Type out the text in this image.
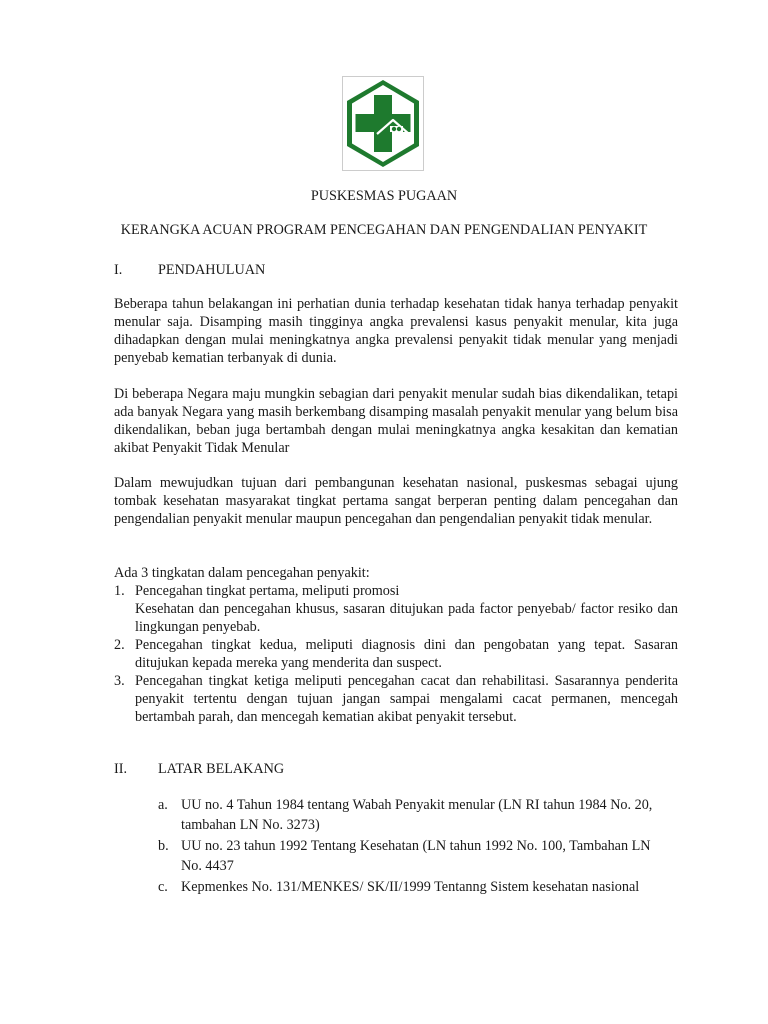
PUSKESMAS PUGAAN
KERANGKA ACUAN PROGRAM PENCEGAHAN DAN PENGENDALIAN PENYAKIT
I.	PENDAHULUAN
Beberapa tahun belakangan ini perhatian dunia terhadap kesehatan tidak hanya terhadap penyakit menular saja. Disamping masih tingginya angka prevalensi kasus penyakit menular, kita juga dihadapkan dengan mulai meningkatnya angka prevalensi penyakit tidak menular yang menjadi penyebab kematian terbanyak di dunia.
Di beberapa Negara maju mungkin sebagian dari penyakit menular sudah bias dikendalikan, tetapi ada banyak Negara yang masih berkembang disamping masalah penyakit menular yang belum bisa dikendalikan, beban juga bertambah dengan mulai meningkatnya angka kesakitan dan kematian akibat Penyakit Tidak Menular
Dalam mewujudkan tujuan dari pembangunan kesehatan nasional, puskesmas sebagai ujung tombak kesehatan masyarakat tingkat pertama sangat berperan penting dalam pencegahan dan pengendalian penyakit menular maupun pencegahan dan pengendalian penyakit tidak menular.
Ada 3 tingkatan dalam pencegahan penyakit:
1. Pencegahan tingkat pertama, meliputi promosi
Kesehatan dan pencegahan khusus, sasaran ditujukan pada factor penyebab/ factor resiko dan lingkungan penyebab.
2. Pencegahan tingkat kedua, meliputi diagnosis dini dan pengobatan yang tepat. Sasaran ditujukan kepada mereka yang menderita dan suspect.
3. Pencegahan tingkat ketiga meliputi pencegahan cacat dan rehabilitasi. Sasarannya penderita penyakit tertentu dengan tujuan jangan sampai mengalami cacat permanen, mencegah bertambah parah, dan mencegah kematian akibat penyakit tersebut.
II. LATAR BELAKANG
a. UU no. 4 Tahun 1984 tentang Wabah Penyakit menular (LN RI tahun 1984 No. 20, tambahan LN No. 3273)
b. UU no. 23 tahun 1992 Tentang Kesehatan (LN tahun 1992 No. 100, Tambahan LN No. 4437
c. Kepmenkes No. 131/MENKES/ SK/II/1999 Tentanng Sistem kesehatan nasional
